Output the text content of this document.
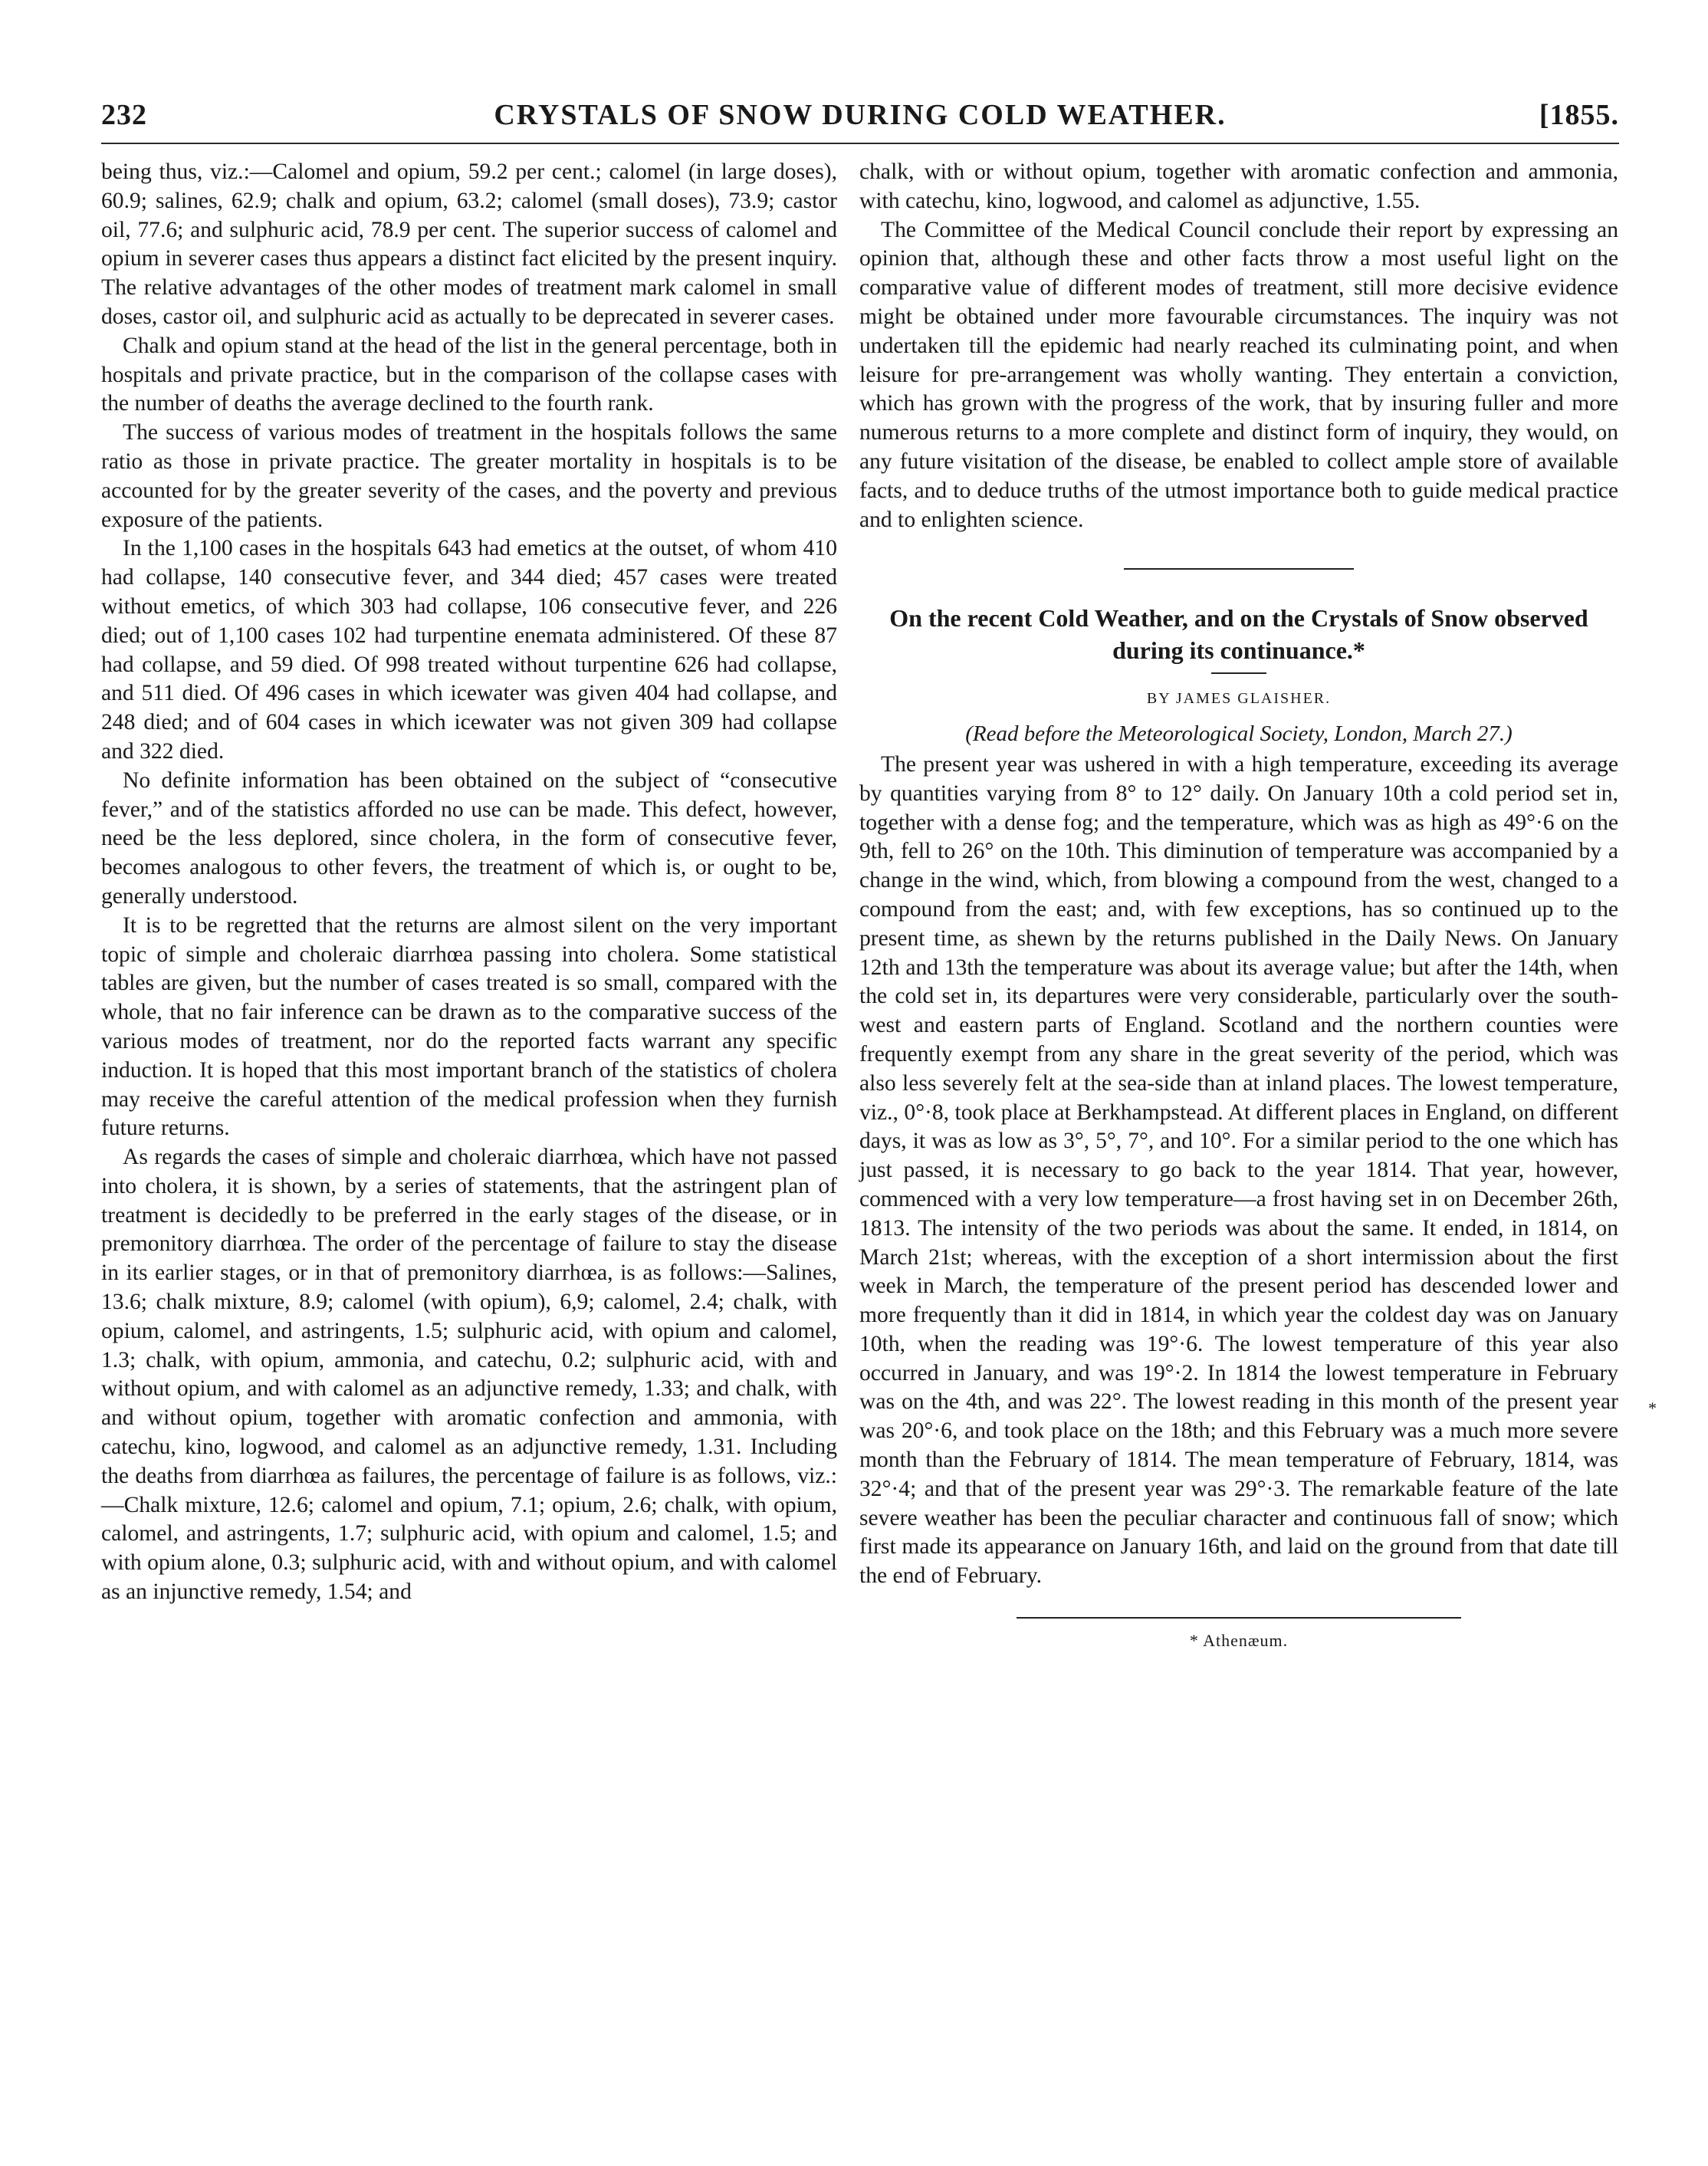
232	CRYSTALS OF SNOW DURING COLD WEATHER.	[1855.

being thus, viz.:—Calomel and opium, 59.2 per cent.; calomel (in large doses), 60.9; salines, 62.9; chalk and opium, 63.2; calomel (small doses), 73.9; castor oil, 77.6; and sulphuric acid, 78.9 per cent. The superior success of calomel and opium in severer cases thus appears a distinct fact elicited by the present inquiry. The relative advantages of the other modes of treatment mark calomel in small doses, castor oil, and sulphuric acid as actually to be deprecated in severer cases.

Chalk and opium stand at the head of the list in the general percentage, both in hospitals and private practice, but in the comparison of the collapse cases with the number of deaths the average declined to the fourth rank.

The success of various modes of treatment in the hospitals follows the same ratio as those in private practice. The greater mortality in hospitals is to be accounted for by the greater severity of the cases, and the poverty and previous exposure of the patients.

In the 1,100 cases in the hospitals 643 had emetics at the outset, of whom 410 had collapse, 140 consecutive fever, and 344 died; 457 cases were treated without emetics, of which 303 had collapse, 106 consecutive fever, and 226 died; out of 1,100 cases 102 had turpentine enemata administered. Of these 87 had collapse, and 59 died. Of 998 treated without turpentine 626 had collapse, and 511 died. Of 496 cases in which icewater was given 404 had collapse, and 248 died; and of 604 cases in which icewater was not given 309 had collapse and 322 died.

No definite information has been obtained on the subject of “consecutive fever,” and of the statistics afforded no use can be made. This defect, however, need be the less deplored, since cholera, in the form of consecutive fever, becomes analogous to other fevers, the treatment of which is, or ought to be, generally understood.

It is to be regretted that the returns are almost silent on the very important topic of simple and choleraic diarrhœa passing into cholera. Some statistical tables are given, but the number of cases treated is so small, compared with the whole, that no fair inference can be drawn as to the comparative success of the various modes of treatment, nor do the reported facts warrant any specific induction. It is hoped that this most important branch of the statistics of cholera may receive the careful attention of the medical profession when they furnish future returns.

As regards the cases of simple and choleraic diarrhœa, which have not passed into cholera, it is shown, by a series of statements, that the astringent plan of treatment is decidedly to be preferred in the early stages of the disease, or in premonitory diarrhœa. The order of the percentage of failure to stay the disease in its earlier stages, or in that of premonitory diarrhœa, is as follows:—Salines, 13.6; chalk mixture, 8.9; calomel (with opium), 6,9; calomel, 2.4; chalk, with opium, calomel, and astringents, 1.5; sulphuric acid, with opium and calomel, 1.3; chalk, with opium, ammonia, and catechu, 0.2; sulphuric acid, with and without opium, and with calomel as an adjunctive remedy, 1.33; and chalk, with and without opium, together with aromatic confection and ammonia, with catechu, kino, logwood, and calomel as an adjunctive remedy, 1.31. Including the deaths from diarrhœa as failures, the percentage of failure is as follows, viz.:—Chalk mixture, 12.6; calomel and opium, 7.1; opium, 2.6; chalk, with opium, calomel, and astringents, 1.7; sulphuric acid, with opium and calomel, 1.5; and with opium alone, 0.3; sulphuric acid, with and without opium, and with calomel as an injunctive remedy, 1.54; and

chalk, with or without opium, together with aromatic confection and ammonia, with catechu, kino, logwood, and calomel as adjunctive, 1.55.

The Committee of the Medical Council conclude their report by expressing an opinion that, although these and other facts throw a most useful light on the comparative value of different modes of treatment, still more decisive evidence might be obtained under more favourable circumstances. The inquiry was not undertaken till the epidemic had nearly reached its culminating point, and when leisure for pre-arrangement was wholly wanting. They entertain a conviction, which has grown with the progress of the work, that by insuring fuller and more numerous returns to a more complete and distinct form of inquiry, they would, on any future visitation of the disease, be enabled to collect ample store of available facts, and to deduce truths of the utmost importance both to guide medical practice and to enlighten science.

On the recent Cold Weather, and on the Crystals of Snow observed during its continuance.*
BY JAMES GLAISHER.
(Read before the Meteorological Society, London, March 27.)

The present year was ushered in with a high temperature, exceeding its average by quantities varying from 8° to 12° daily. On January 10th a cold period set in, together with a dense fog; and the temperature, which was as high as 49°·6 on the 9th, fell to 26° on the 10th. This diminution of temperature was accompanied by a change in the wind, which, from blowing a compound from the west, changed to a compound from the east; and, with few exceptions, has so continued up to the present time, as shewn by the returns published in the Daily News. On January 12th and 13th the temperature was about its average value; but after the 14th, when the cold set in, its departures were very considerable, particularly over the south-west and eastern parts of England. Scotland and the northern counties were frequently exempt from any share in the great severity of the period, which was also less severely felt at the sea-side than at inland places. The lowest temperature, viz., 0°·8, took place at Berkhampstead. At different places in England, on different days, it was as low as 3°, 5°, 7°, and 10°. For a similar period to the one which has just passed, it is necessary to go back to the year 1814. That year, however, commenced with a very low temperature—a frost having set in on December 26th, 1813. The intensity of the two periods was about the same. It ended, in 1814, on March 21st; whereas, with the exception of a short intermission about the first week in March, the temperature of the present period has descended lower and more frequently than it did in 1814, in which year the coldest day was on January 10th, when the reading was 19°·6. The lowest temperature of this year also occurred in January, and was 19°·2. In 1814 the lowest temperature in February was on the 4th, and was 22°. The lowest reading in this month of the present year was 20°·6, and took place on the 18th; and this February was a much more severe month than the February of 1814. The mean temperature of February, 1814, was 32°·4; and that of the present year was 29°·3. The remarkable feature of the late severe weather has been the peculiar character and continuous fall of snow; which first made its appearance on January 16th, and laid on the ground from that date till the end of February.

* Athenæum.
*
